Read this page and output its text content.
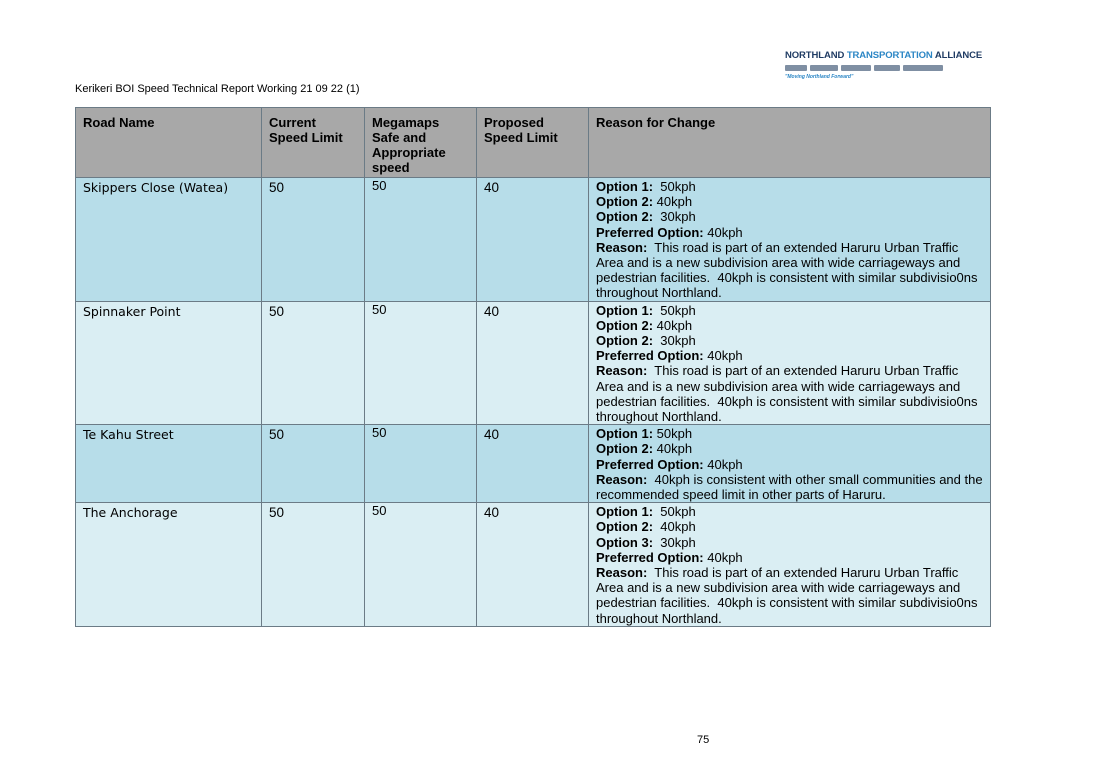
NORTHLAND TRANSPORTATION ALLIANCE
"Moving Northland Forward"
Kerikeri BOI Speed Technical Report Working 21 09 22 (1)
Road Name	Current Speed Limit	Megamaps Safe and Appropriate speed	Proposed Speed Limit	Reason for Change
Skippers Close (Watea)	50	50	40	Option 1:  50kph
Option 2: 40kph
Option 2:  30kph
Preferred Option: 40kph
Reason:  This road is part of an extended Haruru Urban Traffic Area and is a new subdivision area with wide carriageways and pedestrian facilities.  40kph is consistent with similar subdivisio0ns throughout Northland.

Spinnaker Point	50	50	40	Option 1:  50kph
Option 2: 40kph
Option 2:  30kph
Preferred Option: 40kph
Reason:  This road is part of an extended Haruru Urban Traffic Area and is a new subdivision area with wide carriageways and pedestrian facilities.  40kph is consistent with similar subdivisio0ns throughout Northland.

Te Kahu Street	50	50	40	Option 1: 50kph
Option 2: 40kph
Preferred Option: 40kph
Reason:  40kph is consistent with other small communities and the recommended speed limit in other parts of Haruru.

The Anchorage	50	50	40	Option 1:  50kph
Option 2:  40kph
Option 3:  30kph
Preferred Option: 40kph
Reason:  This road is part of an extended Haruru Urban Traffic Area and is a new subdivision area with wide carriageways and pedestrian facilities.  40kph is consistent with similar subdivisio0ns throughout Northland.
75
